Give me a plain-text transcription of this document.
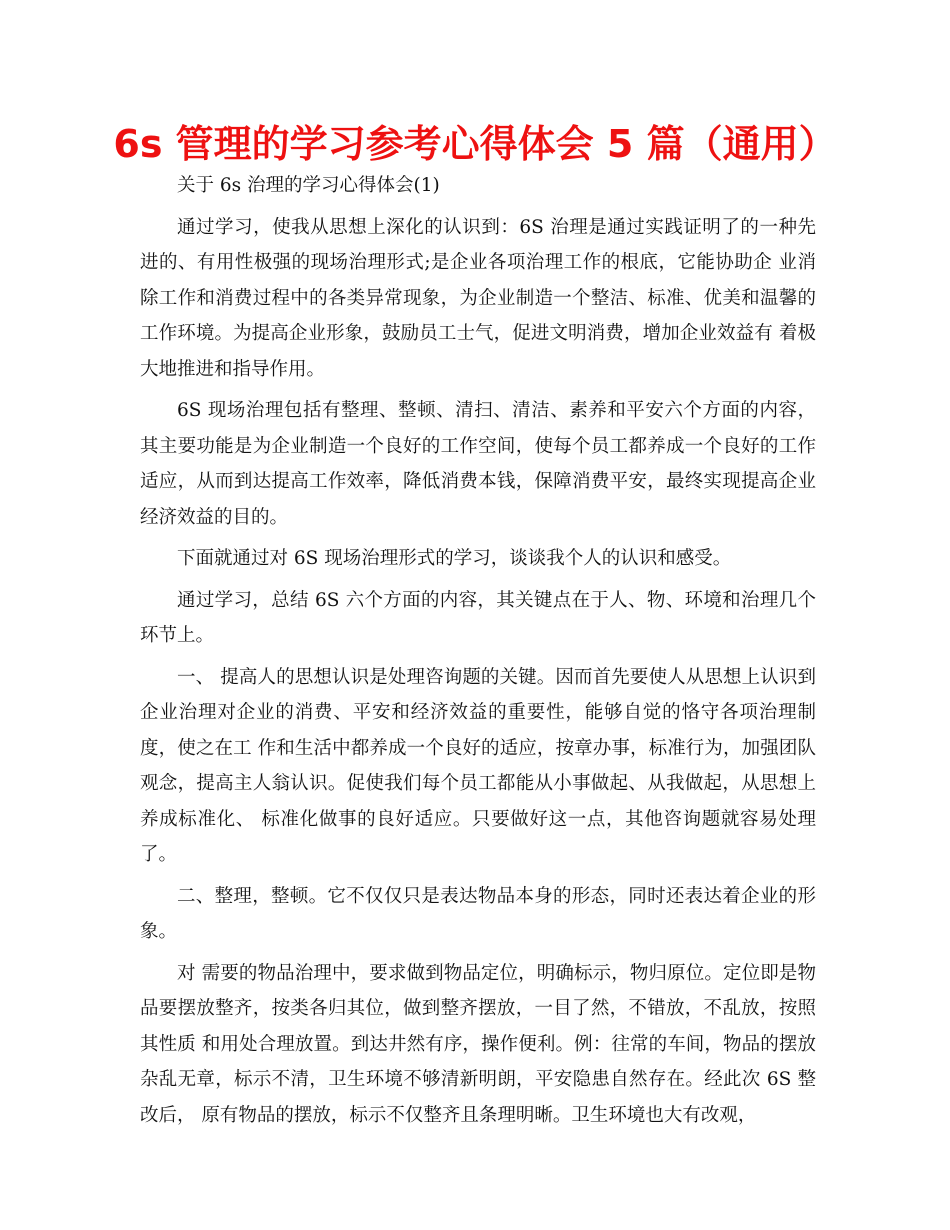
6s 管理的学习参考心得体会 5 篇（通用）

关于 6s 治理的学习心得体会(1)

通过学习，使我从思想上深化的认识到：6S 治理是通过实践证明了的一种先进的、有用性极强的现场治理形式;是企业各项治理工作的根底，它能协助企 业消除工作和消费过程中的各类异常现象，为企业制造一个整洁、标准、优美和温馨的工作环境。为提高企业形象，鼓励员工士气，促进文明消费，增加企业效益有 着极大地推进和指导作用。

6S 现场治理包括有整理、整顿、清扫、清洁、素养和平安六个方面的内容，其主要功能是为企业制造一个良好的工作空间，使每个员工都养成一个良好的工作适应，从而到达提高工作效率，降低消费本钱，保障消费平安，最终实现提高企业经济效益的目的。

下面就通过对 6S 现场治理形式的学习，谈谈我个人的认识和感受。

通过学习，总结 6S 六个方面的内容，其关键点在于人、物、环境和治理几个环节上。

一、 提高人的思想认识是处理咨询题的关键。因而首先要使人从思想上认识到企业治理对企业的消费、平安和经济效益的重要性，能够自觉的恪守各项治理制度，使之在工 作和生活中都养成一个良好的适应，按章办事，标准行为，加强团队观念，提高主人翁认识。促使我们每个员工都能从小事做起、从我做起，从思想上养成标准化、 标准化做事的良好适应。只要做好这一点，其他咨询题就容易处理了。

二、整理，整顿。它不仅仅只是表达物品本身的形态，同时还表达着企业的形象。

对 需要的物品治理中，要求做到物品定位，明确标示，物归原位。定位即是物品要摆放整齐，按类各归其位，做到整齐摆放，一目了然，不错放，不乱放，按照其性质 和用处合理放置。到达井然有序，操作便利。例：往常的车间，物品的摆放杂乱无章，标示不清，卫生环境不够清新明朗，平安隐患自然存在。经此次 6S 整改后， 原有物品的摆放，标示不仅整齐且条理明晰。卫生环境也大有改观，
